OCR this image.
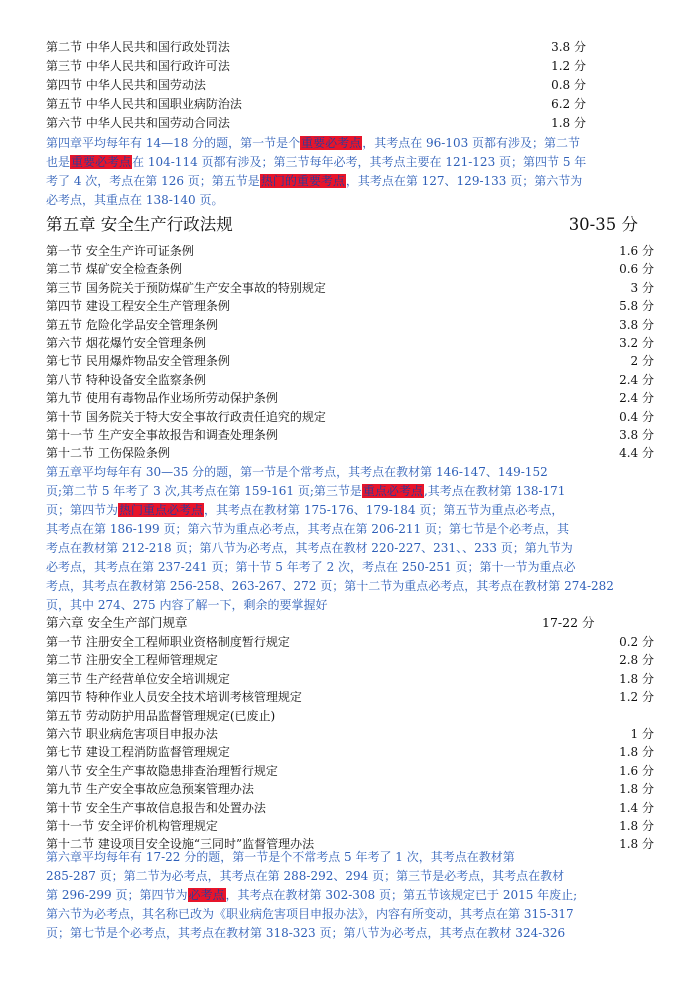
第二节 中华人民共和国行政处罚法	3.8 分
第三节 中华人民共和国行政许可法	1.2 分
第四节 中华人民共和国劳动法	0.8 分
第五节 中华人民共和国职业病防治法	6.2 分
第六节 中华人民共和国劳动合同法	1.8 分

第四章平均每年有 14—18 分的题，第一节是个重要必考点，其考点在 96-103 页都有涉及；第二节

也是重要必考点在 104-114 页都有涉及；第三节每年必考，其考点主要在 121-123 页；第四节 5 年

考了 4 次，考点在第 126 页；第五节是热门的重要考点，其考点在第 127、129-133 页；第六节为

必考点，其重点在 138-140 页。

第五章 安全生产行政法规	30-35 分
第一节 安全生产许可证条例	1.6 分
第二节 煤矿安全检查条例	0.6 分
第三节 国务院关于预防煤矿生产安全事故的特别规定	3 分
第四节 建设工程安全生产管理条例	5.8 分
第五节 危险化学品安全管理条例	3.8 分
第六节 烟花爆竹安全管理条例	3.2 分
第七节 民用爆炸物品安全管理条例	2 分
第八节 特种设备安全监察条例	2.4 分
第九节 使用有毒物品作业场所劳动保护条例	2.4 分
第十节 国务院关于特大安全事故行政责任追究的规定	0.4 分
第十一节 生产安全事故报告和调查处理条例	3.8 分
第十二节 工伤保险条例	4.4 分

第五章平均每年有 30—35 分的题，第一节是个常考点，其考点在教材第 146-147、149-152

页;第二节 5 年考了 3 次,其考点在第 159-161 页;第三节是重点必考点,其考点在教材第 138-171

页；第四节为热门重点必考点，其考点在教材第 175-176、179-184 页；第五节为重点必考点，

其考点在第 186-199 页；第六节为重点必考点，其考点在第 206-211 页；第七节是个必考点，其

考点在教材第 212-218 页；第八节为必考点，其考点在教材 220-227、231、、233 页；第九节为

必考点，其考点在第 237-241 页；第十节 5 年考了 2 次，考点在 250-251 页；第十一节为重点必

考点，其考点在教材第 256-258、263-267、272 页；第十二节为重点必考点，其考点在教材第 274-282

页，其中 274、275 内容了解一下，剩余的要掌握好

第六章 安全生产部门规章	17-22 分
第一节 注册安全工程师职业资格制度暂行规定	0.2 分
第二节 注册安全工程师管理规定	2.8 分
第三节 生产经营单位安全培训规定	1.8 分
第四节 特种作业人员安全技术培训考核管理规定	1.2 分
第五节 劳动防护用品监督管理规定(已废止)
第六节 职业病危害项目申报办法	1 分
第七节 建设工程消防监督管理规定	1.8 分
第八节 安全生产事故隐患排查治理暂行规定	1.6 分
第九节 生产安全事故应急预案管理办法	1.8 分
第十节 安全生产事故信息报告和处置办法	1.4 分
第十一节 安全评价机构管理规定	1.8 分
第十二节 建设项目安全设施“三同时”监督管理办法	1.8 分

第六章平均每年有 17-22 分的题，第一节是个不常考点 5 年考了 1 次，其考点在教材第

285-287 页；第二节为必考点，其考点在第 288-292、294 页；第三节是必考点，其考点在教材

第 296-299 页；第四节为必考点，其考点在教材第 302-308 页；第五节该规定已于 2015 年废止;

第六节为必考点，其名称已改为《职业病危害项目申报办法》，内容有所变动，其考点在第 315-317

页；第七节是个必考点，其考点在教材第 318-323 页；第八节为必考点，其考点在教材 324-326
